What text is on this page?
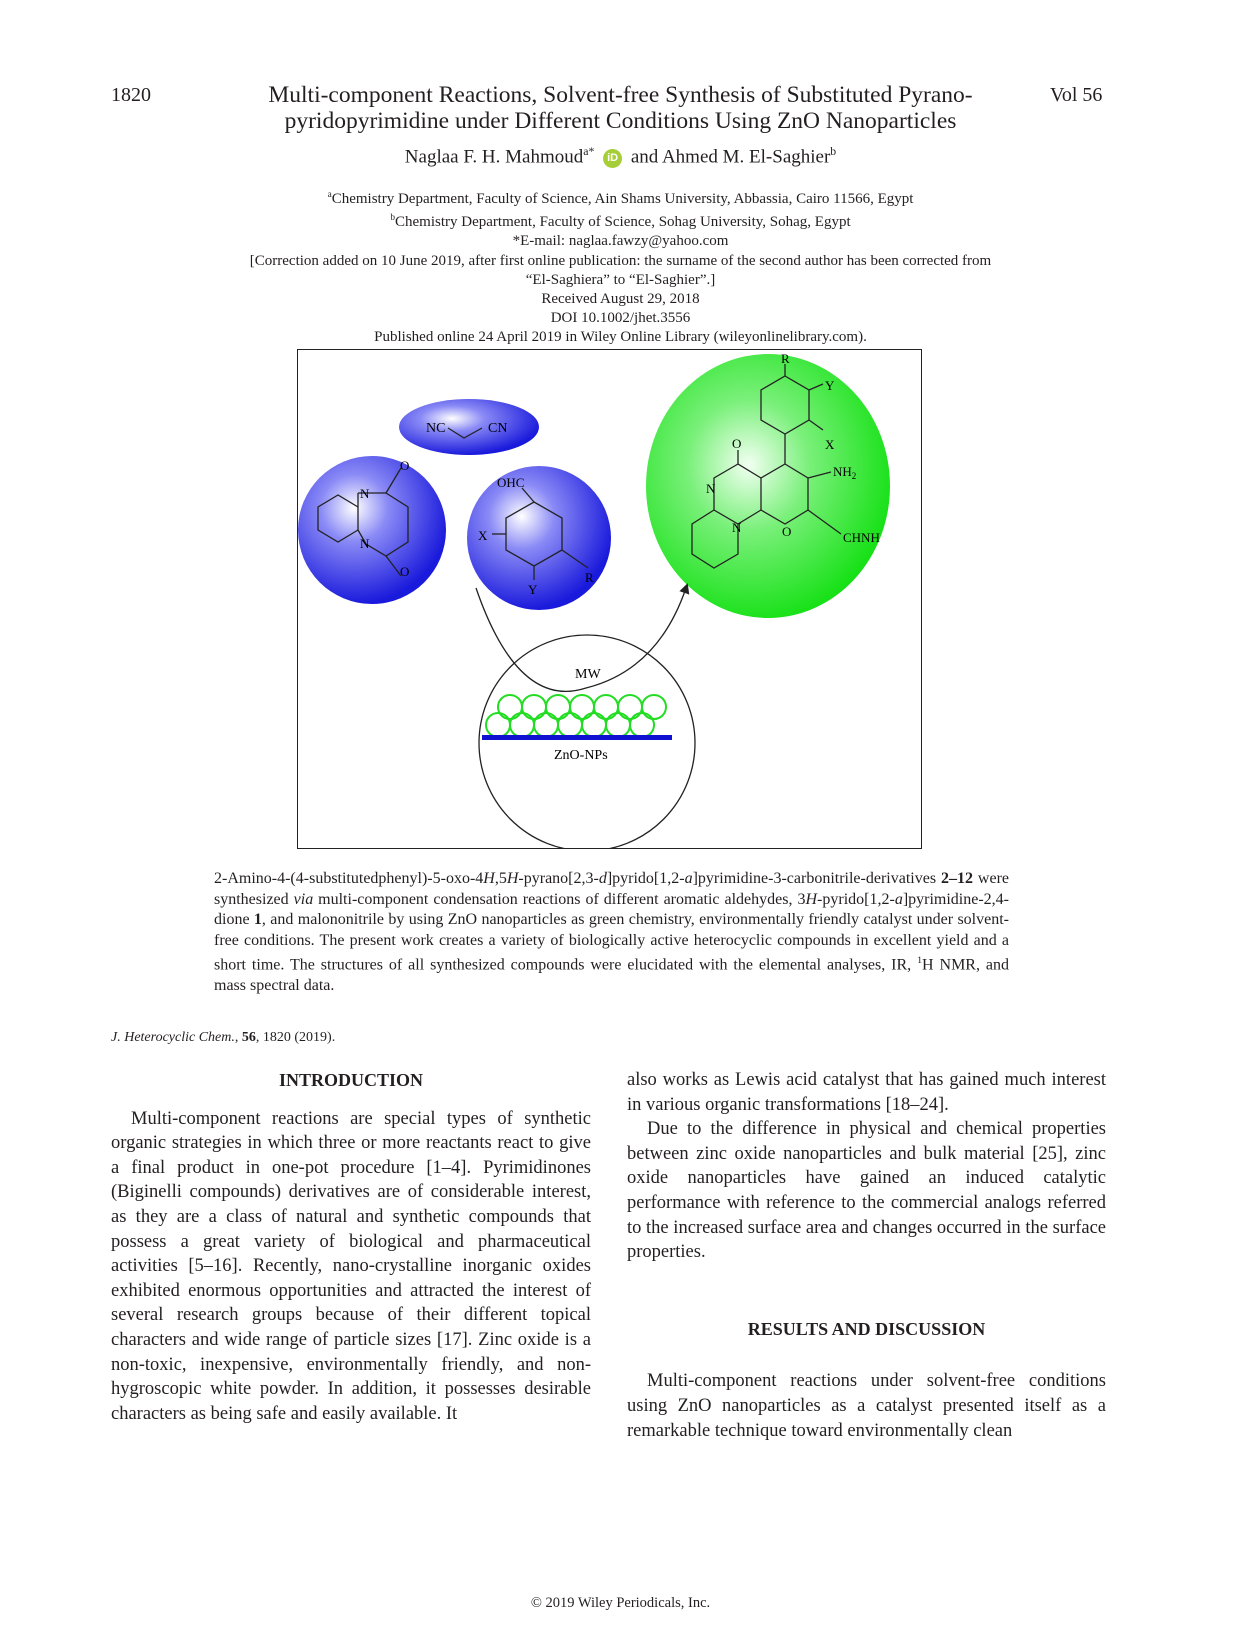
1820	Vol 56
Multi-component Reactions, Solvent-free Synthesis of Substituted Pyrano-
pyridopyrimidine under Different Conditions Using ZnO Nanoparticles
Naglaa F. H. Mahmoud$^{a*}$ iD and Ahmed M. El-Saghier$^b$
$^a$Chemistry Department, Faculty of Science, Ain Shams University, Abbassia, Cairo 11566, Egypt
$^b$Chemistry Department, Faculty of Science, Sohag University, Sohag, Egypt
*E-mail: naglaa.fawzy@yahoo.com
[Correction added on 10 June 2019, after first online publication: the surname of the second author has been corrected from
“El-Saghiera” to “El-Saghier”.]
Received August 29, 2018
DOI 10.1002/jhet.3556
Published online 24 April 2019 in Wiley Online Library (wileyonlinelibrary.com).
NC	CN
N
N
O
O
OHC
X
Y
R
R
Y
X
O
N
N	O
$NH_2$
CHNH
MW
ZnO-NPs
2-Amino-4-(4-substitutedphenyl)-5-oxo-4H,5H-pyrano[2,3-d]pyrido[1,2-a]pyrimidine-3-carbonitrile-derivatives 2–12 were synthesized via multi-component condensation reactions of different aromatic aldehydes, 3H-pyrido[1,2-a]pyrimidine-2,4-dione 1, and malononitrile by using ZnO nanoparticles as green chemistry, environmentally friendly catalyst under solvent-free conditions. The present work creates a variety of biologically active heterocyclic compounds in excellent yield and a short time. The structures of all synthesized compounds were elucidated with the elemental analyses, IR, $^1$H NMR, and mass spectral data.
J. Heterocyclic Chem., 56, 1820 (2019).
INTRODUCTION

Multi-component reactions are special types of synthetic organic strategies in which three or more reactants react to give a final product in one-pot procedure [1–4]. Pyrimidinones (Biginelli compounds) derivatives are of considerable interest, as they are a class of natural and synthetic compounds that possess a great variety of biological and pharmaceutical activities [5–16]. Recently, nano-crystalline inorganic oxides exhibited enormous opportunities and attracted the interest of several research groups because of their different topical characters and wide range of particle sizes [17]. Zinc oxide is a non-toxic, inexpensive, environmentally friendly, and non-hygroscopic white powder. In addition, it possesses desirable characters as being safe and easily available. It

also works as Lewis acid catalyst that has gained much interest in various organic transformations [18–24].

Due to the difference in physical and chemical properties between zinc oxide nanoparticles and bulk material [25], zinc oxide nanoparticles have gained an induced catalytic performance with reference to the commercial analogs referred to the increased surface area and changes occurred in the surface properties.

RESULTS AND DISCUSSION

Multi-component reactions under solvent-free conditions using ZnO nanoparticles as a catalyst presented itself as a remarkable technique toward environmentally clean

© 2019 Wiley Periodicals, Inc.
